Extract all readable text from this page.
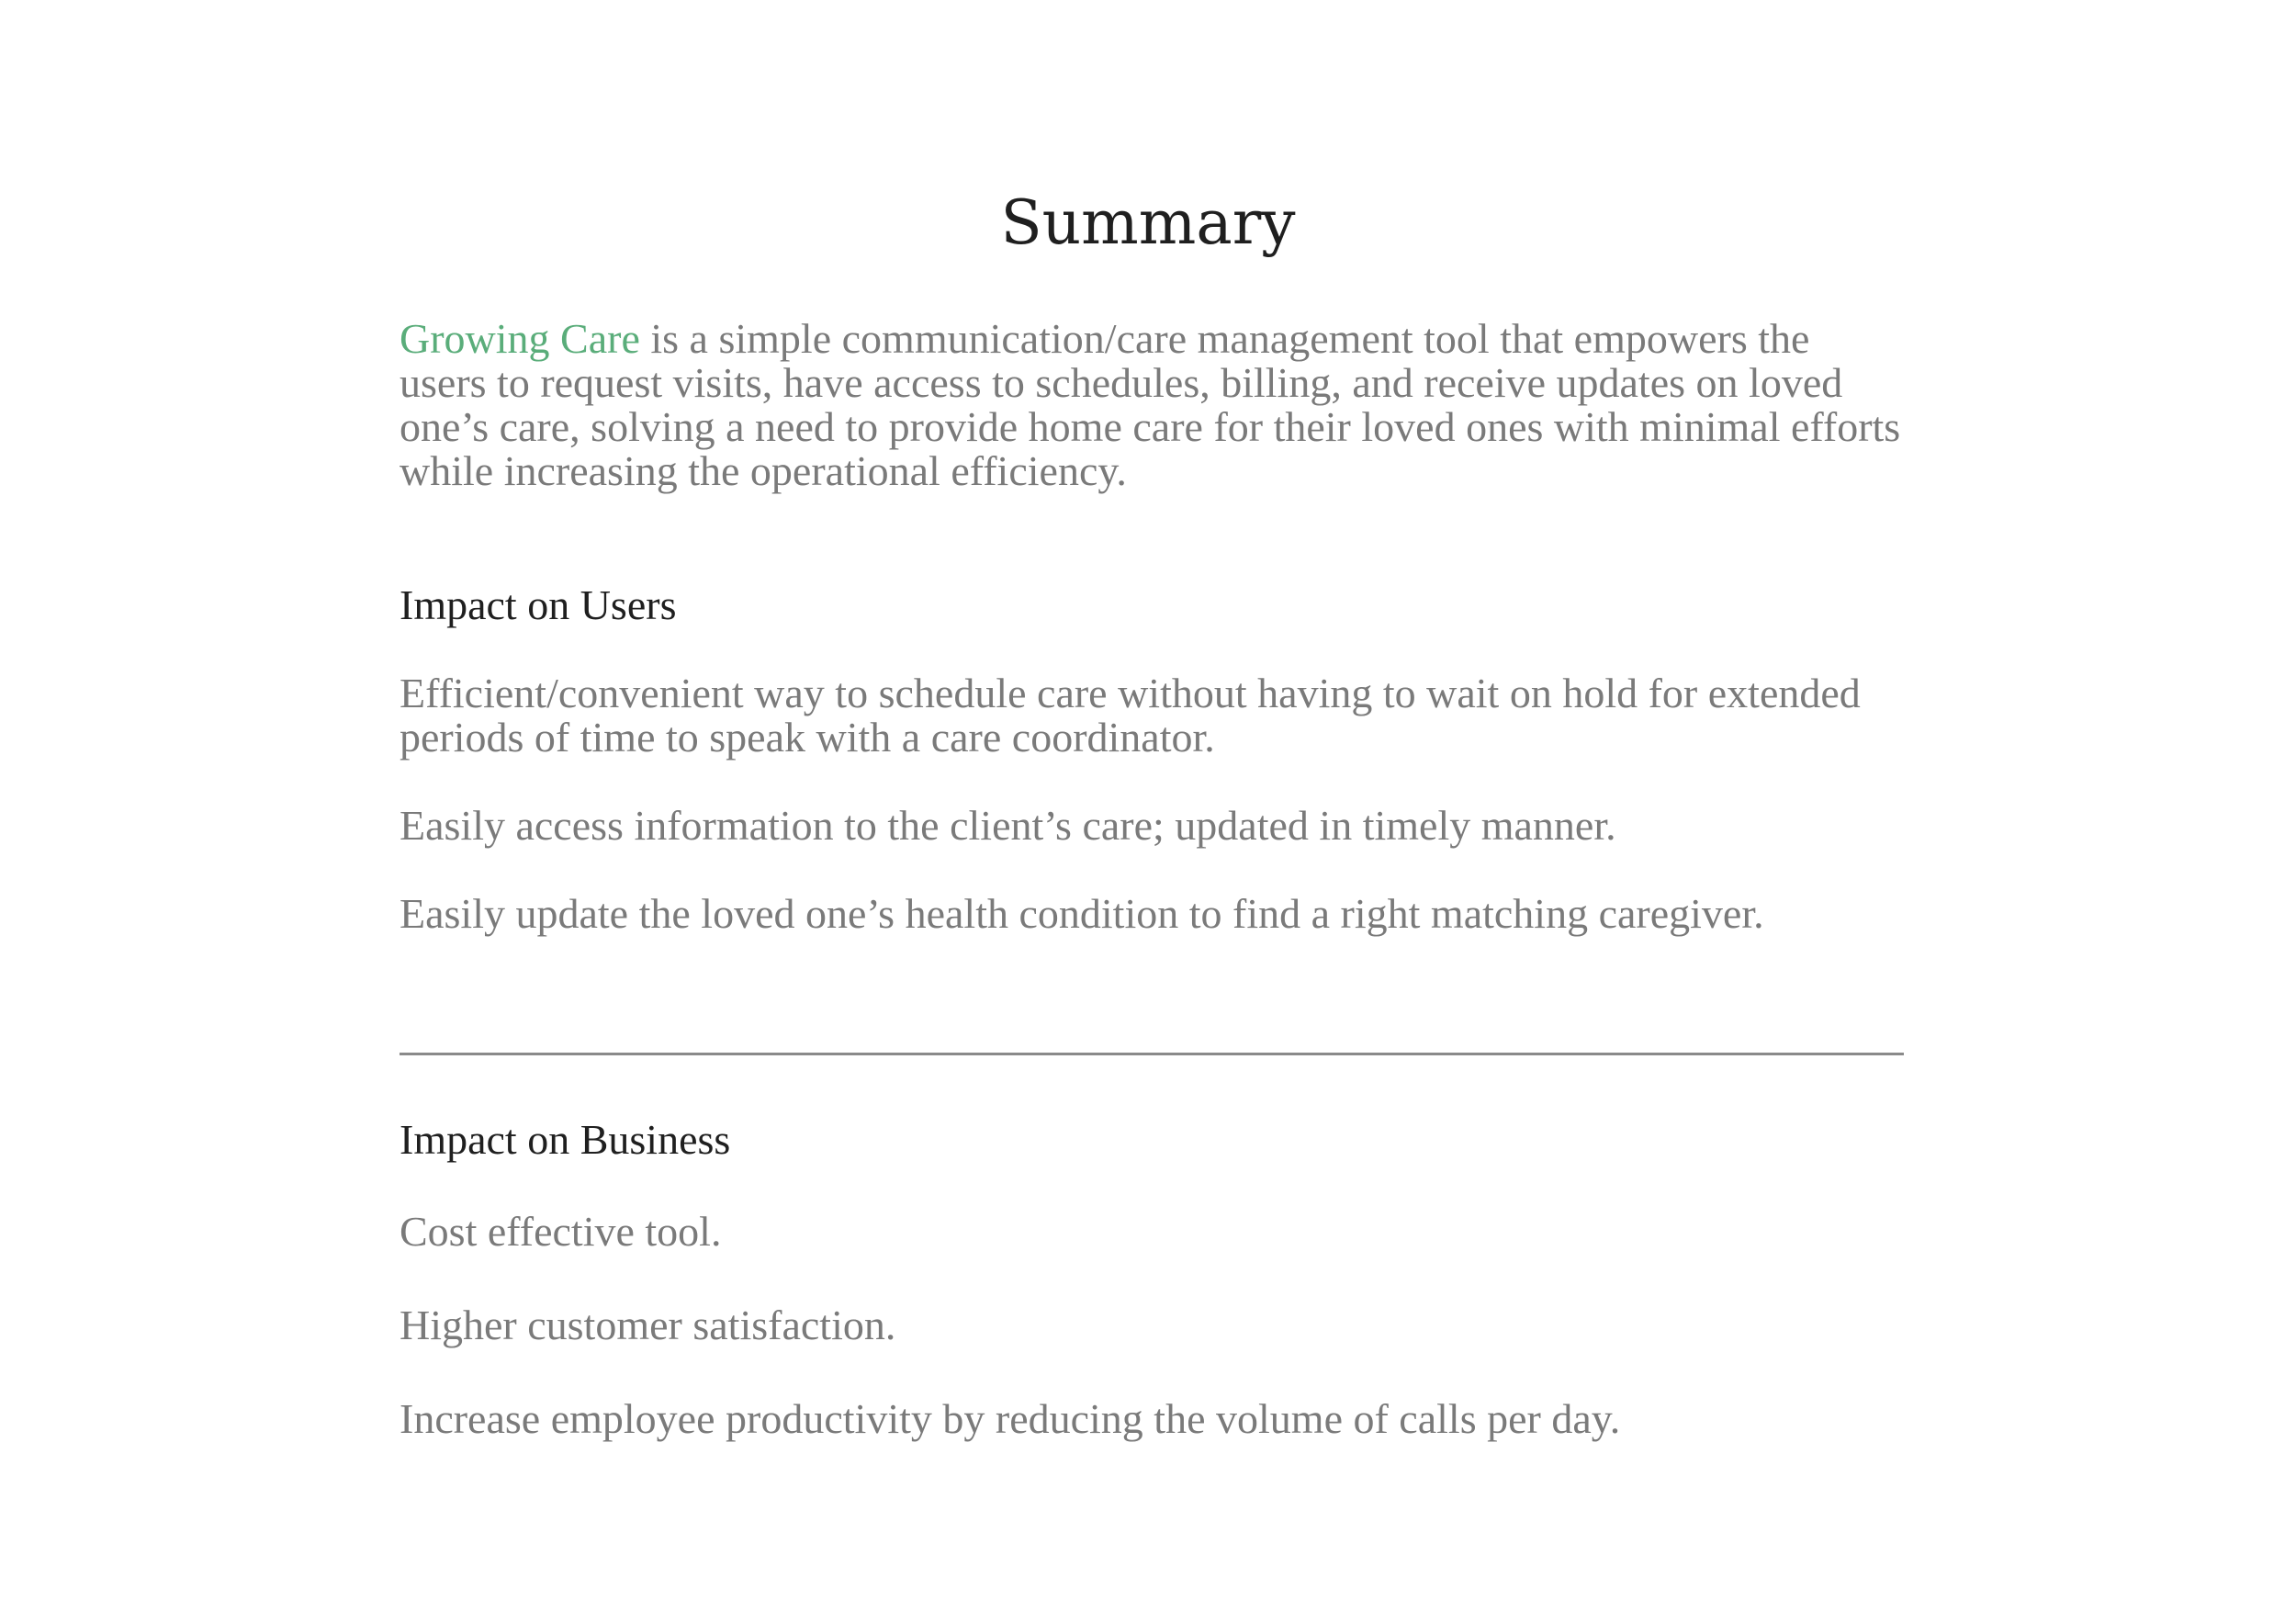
Summary

Growing Care is a simple communication/care management tool that empowers the users to request visits, have access to schedules, billing, and receive updates on loved one’s care, solving a need to provide home care for their loved ones with minimal efforts while increasing the operational efficiency.

Impact on Users

Efficient/convenient way to schedule care without having to wait on hold for extended periods of time to speak with a care coordinator.

Easily access information to the client’s care; updated in timely manner.

Easily update the loved one’s health condition to find a right matching caregiver.

Impact on Business

Cost effective tool.

Higher customer satisfaction.

Increase employee productivity by reducing the volume of calls per day.
